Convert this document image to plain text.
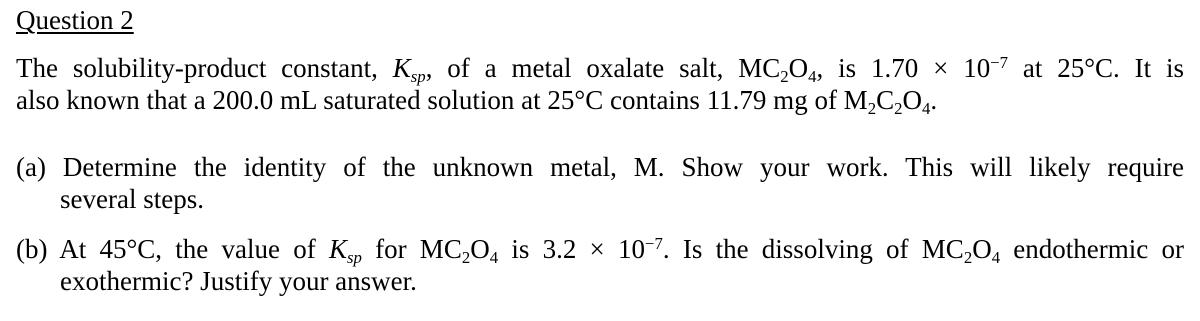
Question 2
The solubility-product constant, $K_{sp}$, of a metal oxalate salt, $MC_2O_4$, is $1.70 \times 10^{-7}$ at 25°C. It is
also known that a 200.0 mL saturated solution at 25°C contains 11.79 mg of $M_2C_2O_4$.
(a) Determine the identity of the unknown metal, M. Show your work. This will likely require
several steps.
(b) At 45°C, the value of $K_{sp}$ for $MC_2O_4$ is $3.2 \times 10^{-7}$. Is the dissolving of $MC_2O_4$ endothermic or
exothermic? Justify your answer.
